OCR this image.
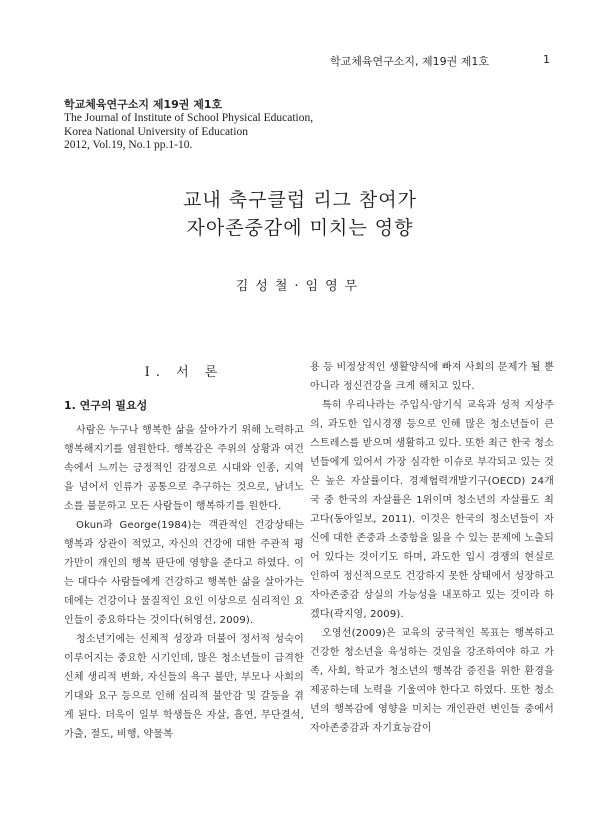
학교체육연구소지, 제19권 제1호	1
학교체육연구소지 제19권 제1호
The Journal of Institute of School Physical Education,
Korea National University of Education
2012, Vol.19, No.1 pp.1-10.
교내 축구클럽 리그 참여가
자아존중감에 미치는 영향
김성철·임영무
Ⅰ. 서 론
1. 연구의 필요성

사람은 누구나 행복한 삶을 살아가기 위해 노력하고 행복해지기를 염원한다. 행복감은 주위의 상황과 여건 속에서 느끼는 긍정적인 감정으로 시대와 인종, 지역을 넘어서 인류가 공통으로 추구하는 것으로, 남녀노소를 불문하고 모든 사람들이 행복하기를 원한다.

Okun과 George(1984)는 객관적인 건강상태는 행복과 상관이 적었고, 자신의 건강에 대한 주관적 평가만이 개인의 행복 판단에 영향을 준다고 하였다. 이는 대다수 사람들에게 건강하고 행복한 삶을 살아가는 데에는 건강이나 물질적인 요인 이상으로 심리적인 요인들이 중요하다는 것이다(허영선, 2009).

청소년기에는 신체적 성장과 더불어 정서적 성숙이 이루어지는 중요한 시기인데, 많은 청소년들이 급격한 신체 생리적 변화, 자신들의 욕구 불만, 부모나 사회의 기대와 요구 등으로 인해 심리적 불안감 및 갈등을 겪게 된다. 더욱이 일부 학생들은 자살, 흡연, 무단결석, 가출, 절도, 비행, 약물복

용 등 비정상적인 생활양식에 빠져 사회의 문제가 될 뿐 아니라 정신건강을 크게 해치고 있다.

특히 우리나라는 주입식·암기식 교육과 성적 지상주의, 과도한 입시경쟁 등으로 인해 많은 청소년들이 큰 스트레스를 받으며 생활하고 있다. 또한 최근 한국 청소년들에게 있어서 가장 심각한 이슈로 부각되고 있는 것은 높은 자살률이다. 경제협력개발기구(OECD) 24개국 중 한국의 자살률은 1위이며 청소년의 자살률도 최고다(동아일보, 2011). 이것은 한국의 청소년들이 자신에 대한 존중과 소중함을 잃을 수 있는 문제에 노출되어 있다는 것이기도 하며, 과도한 입시 경쟁의 현실로 인하여 정신적으로도 건강하지 못한 상태에서 성장하고 자아존중감 상실의 가능성을 내포하고 있는 것이라 하겠다(곽지영, 2009).

오영선(2009)은 교육의 궁극적인 목표는 행복하고 건강한 청소년을 육성하는 것임을 강조하여야 하고 가족, 사회, 학교가 청소년의 행복감 증진을 위한 환경을 제공하는데 노력을 기울여야 한다고 하였다. 또한 청소년의 행복감에 영향을 미치는 개인관련 변인들 중에서 자아존중감과 자기효능감이
